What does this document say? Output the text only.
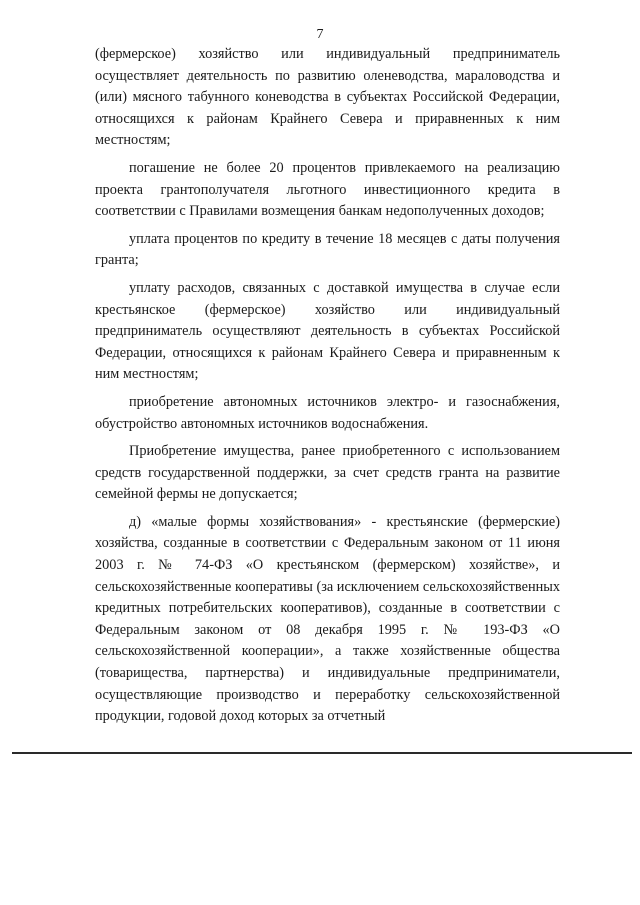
7

(фермерское) хозяйство или индивидуальный предприниматель осуществляет деятельность по развитию оленеводства, мараловодства и (или) мясного табунного коневодства в субъектах Российской Федерации, относящихся к районам Крайнего Севера и приравненных к ним местностям;

погашение не более 20 процентов привлекаемого на реализацию проекта грантополучателя льготного инвестиционного кредита в соответствии с Правилами возмещения банкам недополученных доходов;

уплата процентов по кредиту в течение 18 месяцев с даты получения гранта;

уплату расходов, связанных с доставкой имущества в случае если крестьянское (фермерское) хозяйство или индивидуальный предприниматель осуществляют деятельность в субъектах Российской Федерации, относящихся к районам Крайнего Севера и приравненным к ним местностям;

приобретение автономных источников электро- и газоснабжения, обустройство автономных источников водоснабжения.

Приобретение имущества, ранее приобретенного с использованием средств государственной поддержки, за счет средств гранта на развитие семейной фермы не допускается;

д) «малые формы хозяйствования» - крестьянские (фермерские) хозяйства, созданные в соответствии с Федеральным законом от 11 июня 2003 г. № 74-ФЗ «О крестьянском (фермерском) хозяйстве», и сельскохозяйственные кооперативы (за исключением сельскохозяйственных кредитных потребительских кооперативов), созданные в соответствии с Федеральным законом от 08 декабря 1995 г. № 193-ФЗ «О сельскохозяйственной кооперации», а также хозяйственные общества (товарищества, партнерства) и индивидуальные предприниматели, осуществляющие производство и переработку сельскохозяйственной продукции, годовой доход которых за отчетный
